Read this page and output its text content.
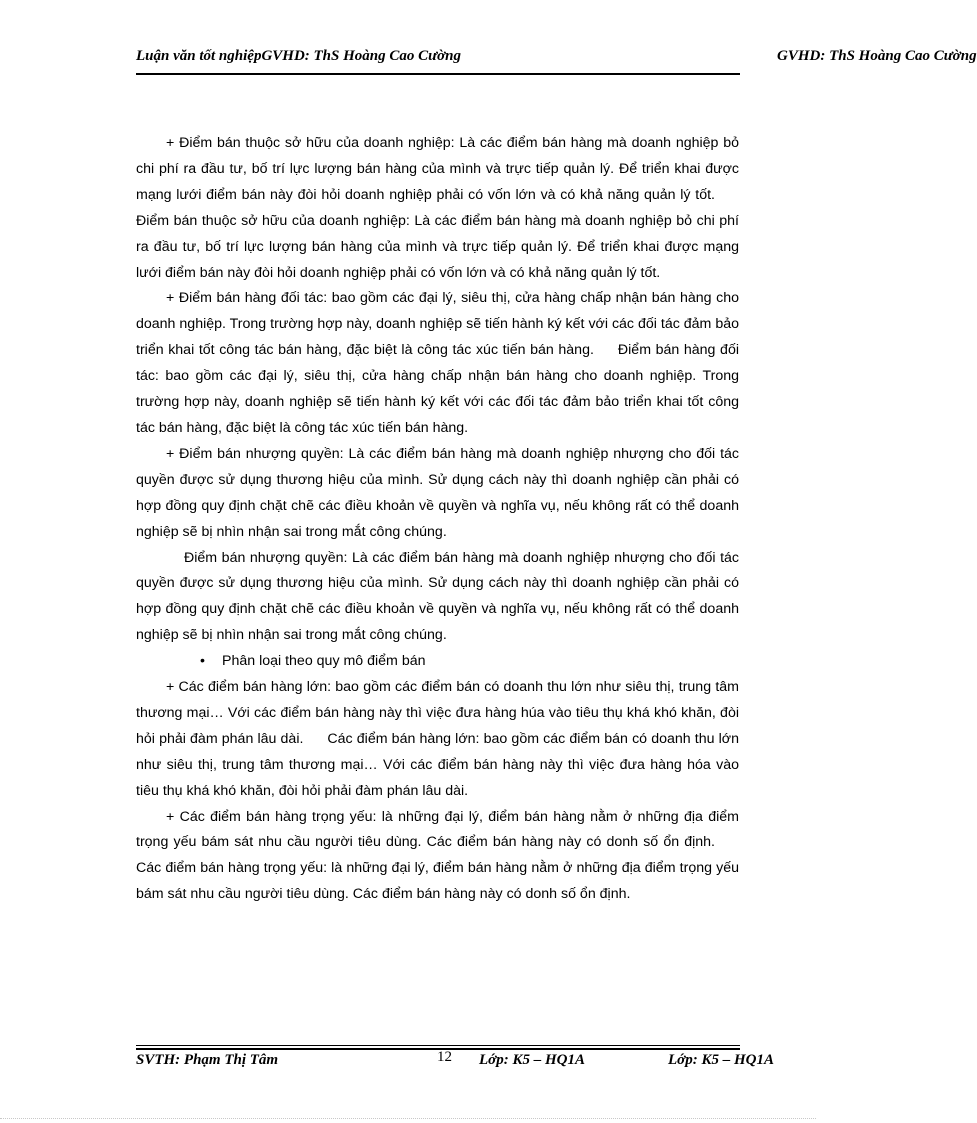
Luận văn tốt nghiệpGVHD: ThS Hoàng Cao Cường	GVHD: ThS Hoàng Cao Cường

+ Điểm bán thuộc sở hữu của doanh nghiệp: Là các điểm bán hàng mà doanh nghiệp bỏ chi phí ra đầu tư, bố trí lực lượng bán hàng của mình và trực tiếp quản lý. Để triển khai được mạng lưới điểm bán này đòi hỏi doanh nghiệp phải có vốn lớn và có khả năng quản lý tốt.Điểm bán thuộc sở hữu của doanh nghiệp: Là các điểm bán hàng mà doanh nghiệp bỏ chi phí ra đầu tư, bố trí lực lượng bán hàng của mình và trực tiếp quản lý. Để triển khai được mạng lưới điểm bán này đòi hỏi doanh nghiệp phải có vốn lớn và có khả năng quản lý tốt.

+ Điểm bán hàng đối tác: bao gồm các đại lý, siêu thị, cửa hàng chấp nhận bán hàng cho doanh nghiệp. Trong trường hợp này, doanh nghiệp sẽ tiến hành ký kết với các đối tác đảm bảo triển khai tốt công tác bán hàng, đặc biệt là công tác xúc tiến bán hàng. Điểm bán hàng đối tác: bao gồm các đại lý, siêu thị, cửa hàng chấp nhận bán hàng cho doanh nghiệp. Trong trường hợp này, doanh nghiệp sẽ tiến hành ký kết với các đối tác đảm bảo triển khai tốt công tác bán hàng, đặc biệt là công tác xúc tiến bán hàng.

+ Điểm bán nhượng quyền: Là các điểm bán hàng mà doanh nghiệp nhượng cho đối tác quyền được sử dụng thương hiệu của mình. Sử dụng cách này thì doanh nghiệp cần phải có hợp đồng quy định chặt chẽ các điều khoản về quyền và nghĩa vụ, nếu không rất có thể doanh nghiệp sẽ bị nhìn nhận sai trong mắt công chúng.

Điểm bán nhượng quyền: Là các điểm bán hàng mà doanh nghiệp nhượng cho đối tác quyền được sử dụng thương hiệu của mình. Sử dụng cách này thì doanh nghiệp cần phải có hợp đồng quy định chặt chẽ các điều khoản về quyền và nghĩa vụ, nếu không rất có thể doanh nghiệp sẽ bị nhìn nhận sai trong mắt công chúng.

• Phân loại theo quy mô điểm bán

+ Các điểm bán hàng lớn: bao gồm các điểm bán có doanh thu lớn như siêu thị, trung tâm thương mại… Với các điểm bán hàng này thì việc đưa hàng húa vào tiêu thụ khá khó khăn, đòi hỏi phải đàm phán lâu dài. Các điểm bán hàng lớn: bao gồm các điểm bán có doanh thu lớn như siêu thị, trung tâm thương mại… Với các điểm bán hàng này thì việc đưa hàng hóa vào tiêu thụ khá khó khăn, đòi hỏi phải đàm phán lâu dài.

+ Các điểm bán hàng trọng yếu: là những đại lý, điểm bán hàng nằm ở những địa điểm trọng yếu bám sát nhu cầu người tiêu dùng. Các điểm bán hàng này có donh số ổn định.Các điểm bán hàng trọng yếu: là những đại lý, điểm bán hàng nằm ở những địa điểm trọng yếu bám sát nhu cầu người tiêu dùng. Các điểm bán hàng này có donh số ổn định.

SVTH: Phạm Thị Tâm	12 Lớp: K5 – HQ1A	Lớp: K5 – HQ1A
